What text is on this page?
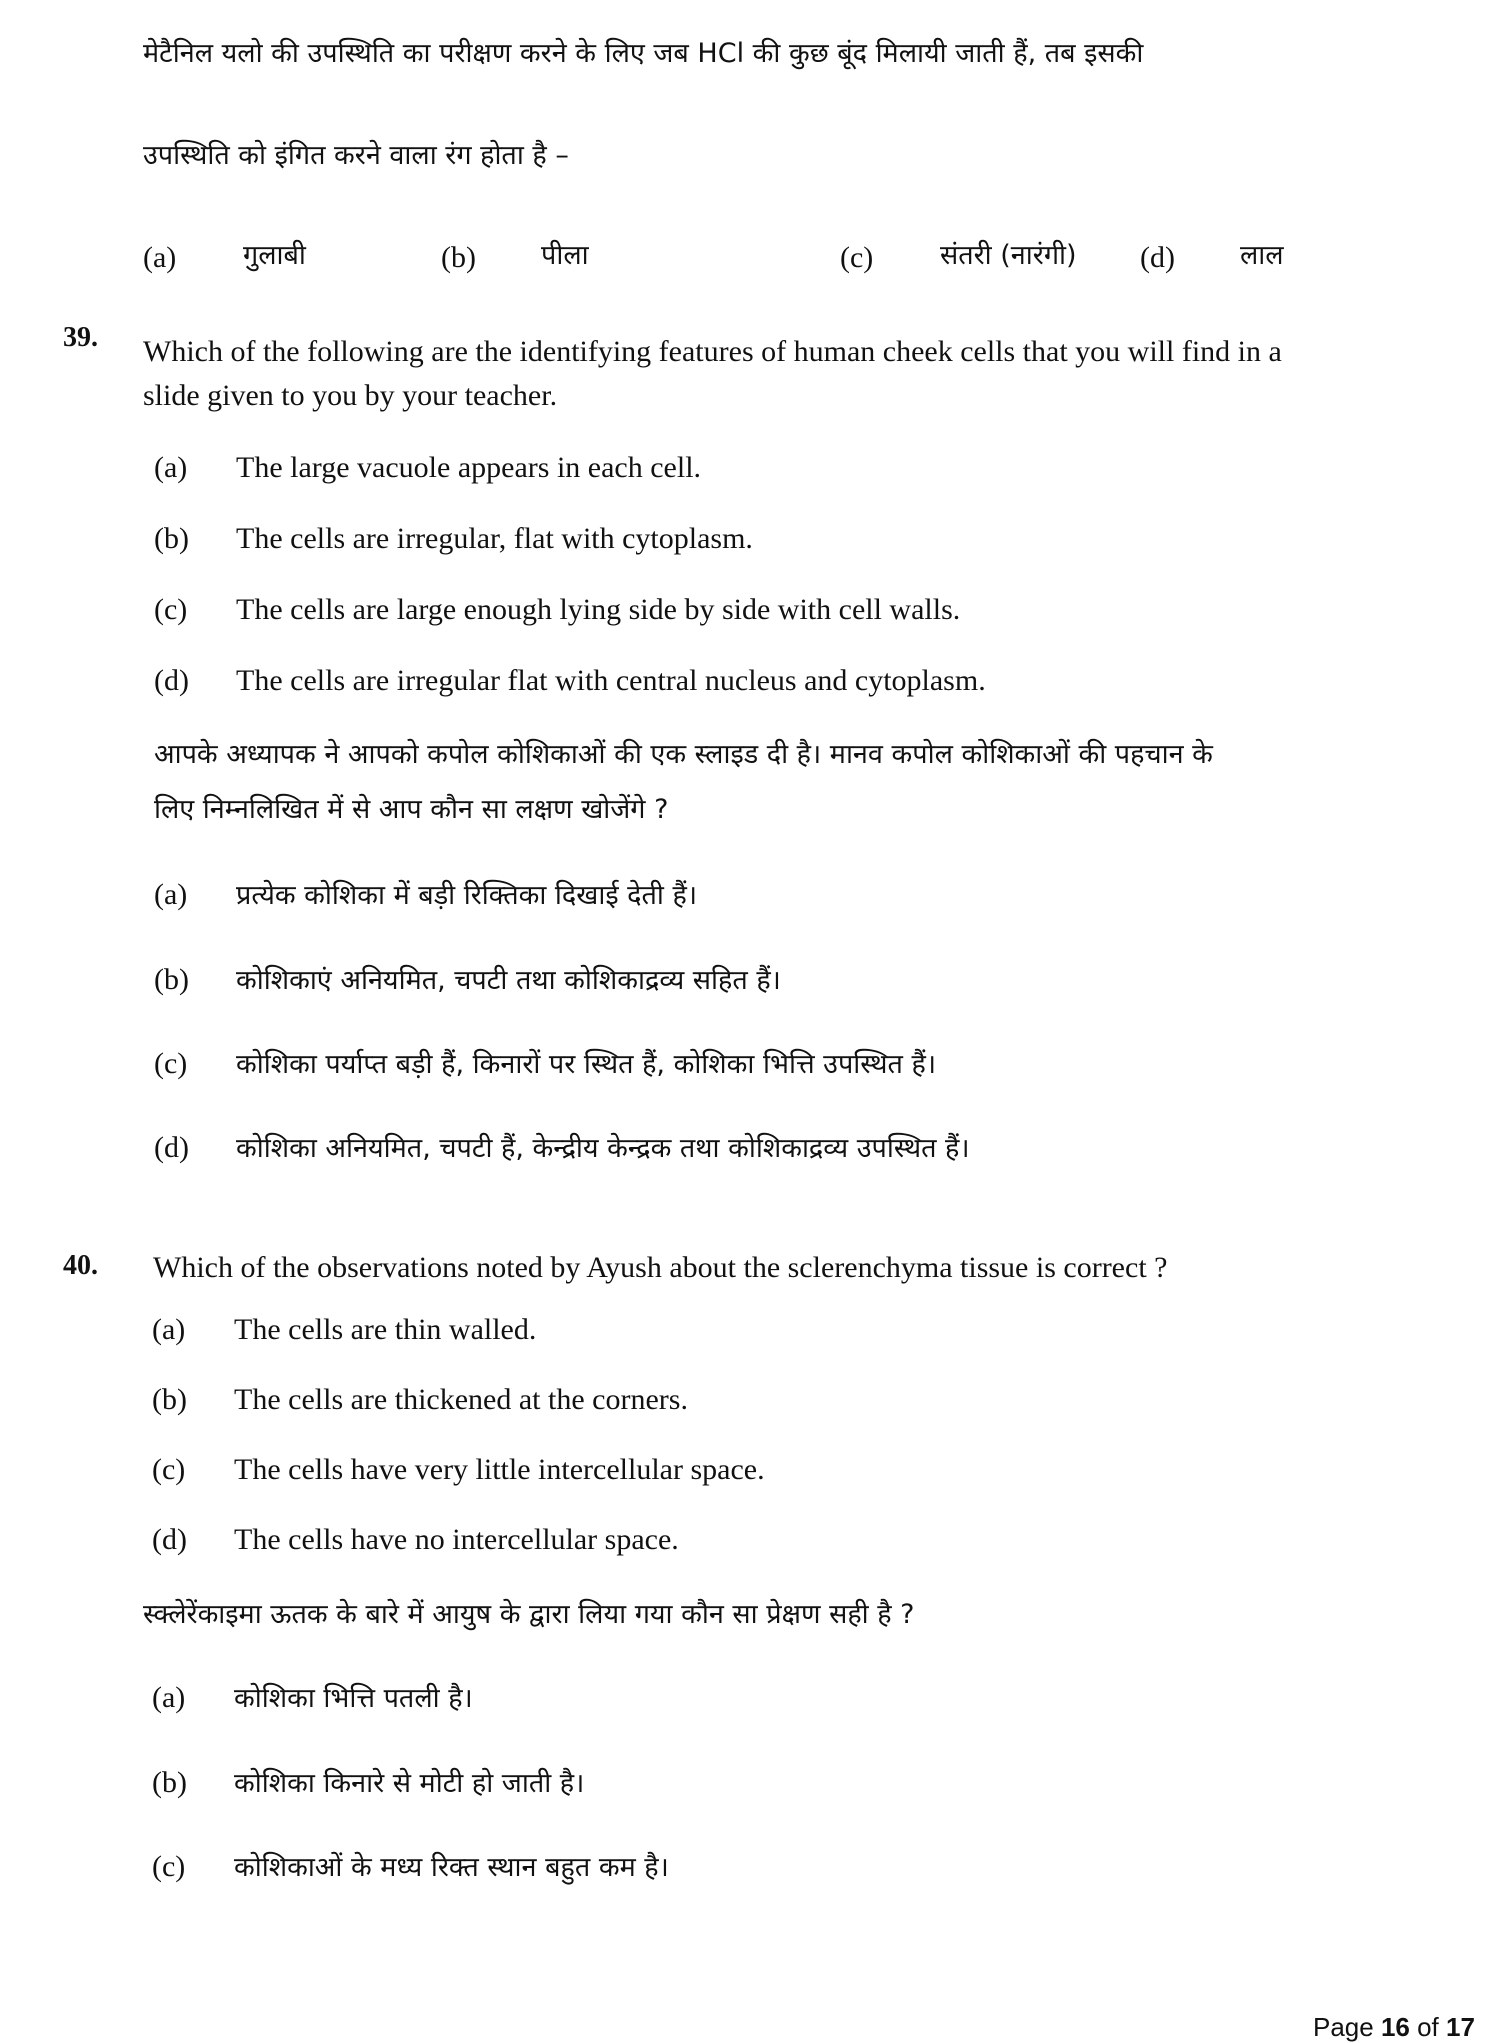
मेटैनिल यलो की उपस्थिति का परीक्षण करने के लिए जब HCl की कुछ बूंद मिलायी जाती हैं, तब इसकी
उपस्थिति को इंगित करने वाला रंग होता है –
(a) गुलाबी	(b) पीला	(c) संतरी (नारंगी) (d) लाल
39. Which of the following are the identifying features of human cheek cells that you will find in a
slide given to you by your teacher.
(a) The large vacuole appears in each cell.
(b) The cells are irregular, flat with cytoplasm.
(c) The cells are large enough lying side by side with cell walls.
(d) The cells are irregular flat with central nucleus and cytoplasm.
आपके अध्यापक ने आपको कपोल कोशिकाओं की एक स्लाइड दी है। मानव कपोल कोशिकाओं की पहचान के
लिए निम्नलिखित में से आप कौन सा लक्षण खोजेंगे ?
(a) प्रत्येक कोशिका में बड़ी रिक्तिका दिखाई देती हैं।
(b) कोशिकाएं अनियमित, चपटी तथा कोशिकाद्रव्य सहित हैं।
(c) कोशिका पर्याप्त बड़ी हैं, किनारों पर स्थित हैं, कोशिका भित्ति उपस्थित हैं।
(d) कोशिका अनियमित, चपटी हैं, केन्द्रीय केन्द्रक तथा कोशिकाद्रव्य उपस्थित हैं।
40. Which of the observations noted by Ayush about the sclerenchyma tissue is correct ?
(a) The cells are thin walled.
(b) The cells are thickened at the corners.
(c) The cells have very little intercellular space.
(d) The cells have no intercellular space.
स्क्लेरेंकाइमा ऊतक के बारे में आयुष के द्वारा लिया गया कौन सा प्रेक्षण सही है ?
(a) कोशिका भित्ति पतली है।
(b) कोशिका किनारे से मोटी हो जाती है।
(c) कोशिकाओं के मध्य रिक्त स्थान बहुत कम है।
Page 16 of 17
